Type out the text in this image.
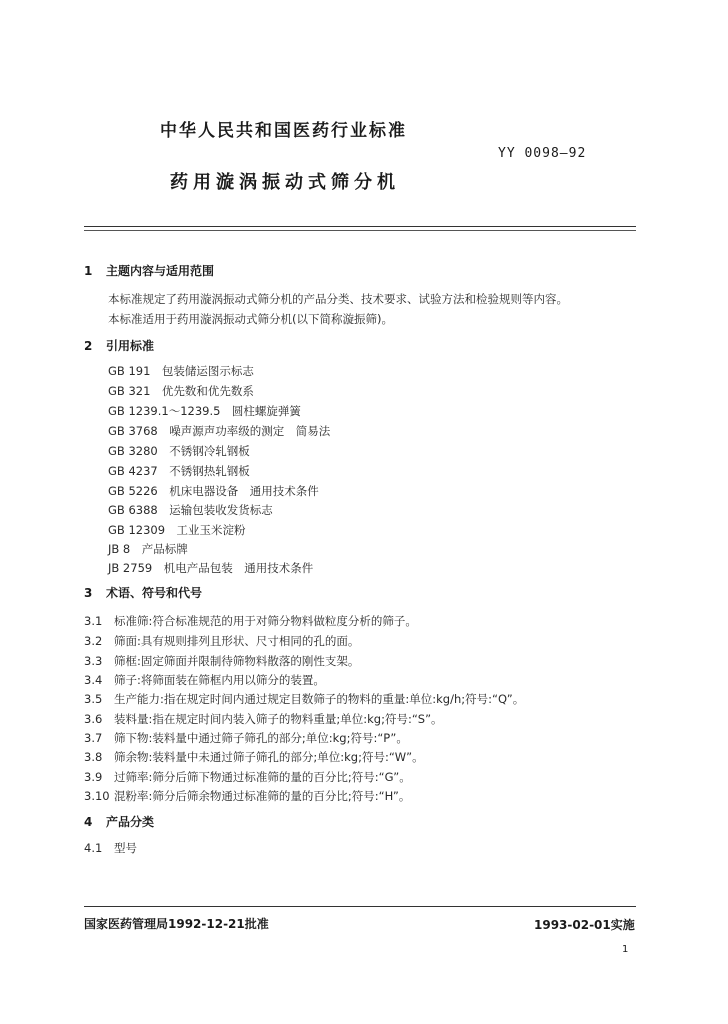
中华人民共和国医药行业标准
YY 0098—92
药用漩涡振动式筛分机
1 主题内容与适用范围
本标准规定了药用漩涡振动式筛分机的产品分类、技术要求、试验方法和检验规则等内容。
本标准适用于药用漩涡振动式筛分机(以下简称漩振筛)。
2 引用标准
GB 191　包装储运图示标志
GB 321　优先数和优先数系
GB 1239.1～1239.5　圆柱螺旋弹簧
GB 3768　噪声源声功率级的测定　简易法
GB 3280　不锈钢冷轧钢板
GB 4237　不锈钢热轧钢板
GB 5226　机床电器设备　通用技术条件
GB 6388　运输包装收发货标志
GB 12309　工业玉米淀粉
JB 8　产品标牌
JB 2759　机电产品包装　通用技术条件
3 术语、符号和代号
3.1 标准筛:符合标准规范的用于对筛分物料做粒度分析的筛子。
3.2 筛面:具有规则排列且形状、尺寸相同的孔的面。
3.3 筛框:固定筛面并限制待筛物料散落的刚性支架。
3.4 筛子:将筛面装在筛框内用以筛分的装置。
3.5 生产能力:指在规定时间内通过规定目数筛子的物料的重量:单位:kg/h;符号:“Q”。
3.6 装料量:指在规定时间内装入筛子的物料重量;单位:kg;符号:“S”。
3.7 筛下物:装料量中通过筛子筛孔的部分;单位:kg;符号:“P”。
3.8 筛余物:装料量中未通过筛子筛孔的部分;单位:kg;符号:“W”。
3.9 过筛率:筛分后筛下物通过标准筛的量的百分比;符号:“G”。
3.10 混粉率:筛分后筛余物通过标准筛的量的百分比;符号:“H”。
4 产品分类
4.1 型号
国家医药管理局1992-12-21批准	1993-02-01实施
1
